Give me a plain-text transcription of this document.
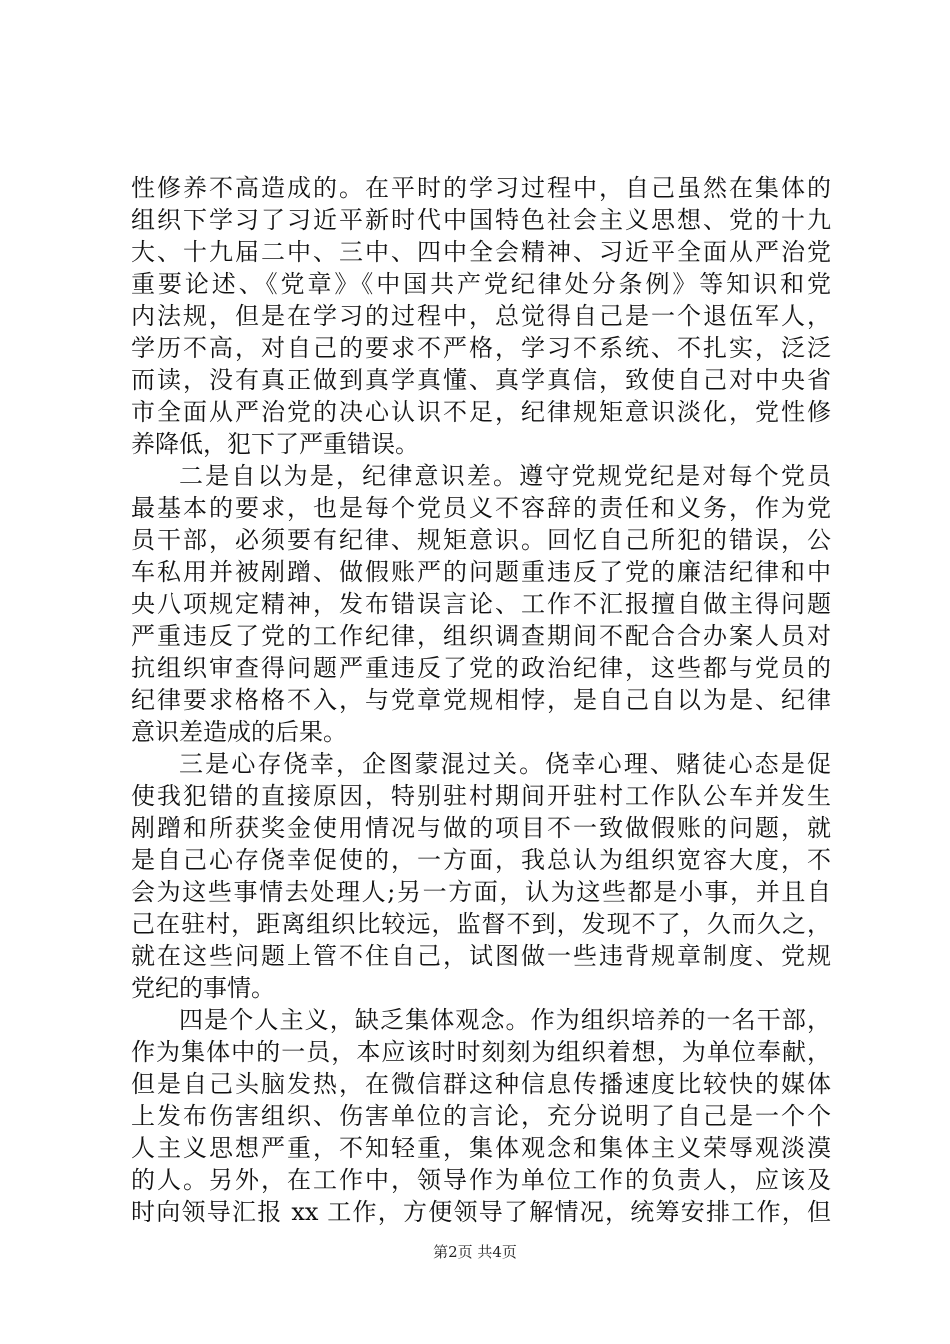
性修养不高造成的。在平时的学习过程中，自己虽然在集体的
组织下学习了习近平新时代中国特色社会主义思想、党的十九
大、十九届二中、三中、四中全会精神、习近平全面从严治党
重要论述、《党章》《中国共产党纪律处分条例》等知识和党
内法规，但是在学习的过程中，总觉得自己是一个退伍军人，
学历不高，对自己的要求不严格，学习不系统、不扎实，泛泛
而读，没有真正做到真学真懂、真学真信，致使自己对中央省
市全面从严治党的决心认识不足，纪律规矩意识淡化，党性修
养降低，犯下了严重错误。
二是自以为是，纪律意识差。遵守党规党纪是对每个党员
最基本的要求，也是每个党员义不容辞的责任和义务，作为党
员干部，必须要有纪律、规矩意识。回忆自己所犯的错误，公
车私用并被剐蹭、做假账严的问题重违反了党的廉洁纪律和中
央八项规定精神，发布错误言论、工作不汇报擅自做主得问题
严重违反了党的工作纪律，组织调查期间不配合合办案人员对
抗组织审查得问题严重违反了党的政治纪律，这些都与党员的
纪律要求格格不入，与党章党规相悖，是自己自以为是、纪律
意识差造成的后果。
三是心存侥幸，企图蒙混过关。侥幸心理、赌徒心态是促
使我犯错的直接原因，特别驻村期间开驻村工作队公车并发生
剐蹭和所获奖金使用情况与做的项目不一致做假账的问题，就
是自己心存侥幸促使的，一方面，我总认为组织宽容大度，不
会为这些事情去处理人;另一方面，认为这些都是小事，并且自
己在驻村，距离组织比较远，监督不到，发现不了，久而久之，
就在这些问题上管不住自己，试图做一些违背规章制度、党规
党纪的事情。
四是个人主义，缺乏集体观念。作为组织培养的一名干部，
作为集体中的一员，本应该时时刻刻为组织着想，为单位奉献，
但是自己头脑发热，在微信群这种信息传播速度比较快的媒体
上发布伤害组织、伤害单位的言论，充分说明了自己是一个个
人主义思想严重，不知轻重，集体观念和集体主义荣辱观淡漠
的人。另外，在工作中，领导作为单位工作的负责人，应该及
时向领导汇报 xx 工作，方便领导了解情况，统筹安排工作，但
第2页 共4页
